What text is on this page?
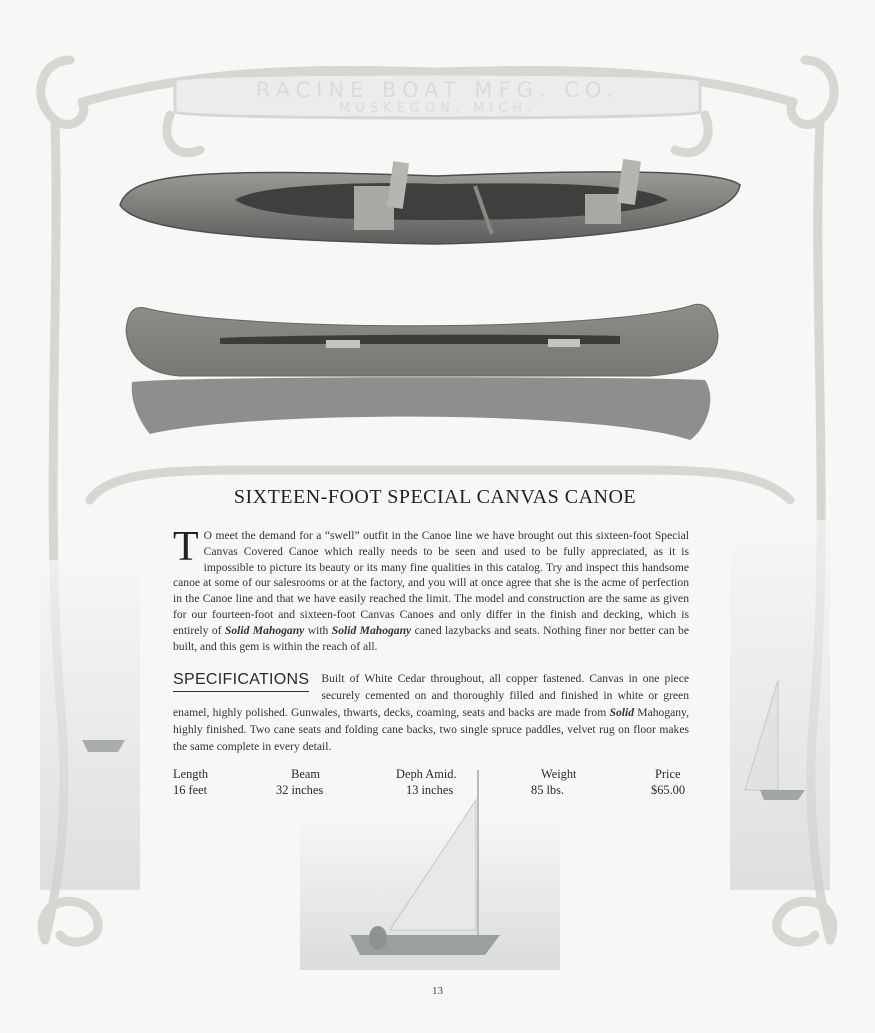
RACINE BOAT MFG. CO.
MUSKEGON, MICH.
SIXTEEN-FOOT SPECIAL CANVAS CANOE
T O meet the demand for a “swell” outfit in the Canoe line we have brought out this sixteen-foot Special Canvas Covered Canoe which really needs to be seen and used to be fully appreciated, as it is impossible to picture its beauty or its many fine qualities in this catalog. Try and inspect this handsome canoe at some of our salesrooms or at the factory, and you will at once agree that she is the acme of perfection in the Canoe line and that we have easily reached the limit. The model and construction are the same as given for our fourteen-foot and sixteen-foot Canvas Canoes and only differ in the finish and decking, which is entirely of Solid Mahogany with Solid Mahogany caned lazybacks and seats. Nothing finer nor better can be built, and this gem is within the reach of all.
SPECIFICATIONS Built of White Cedar throughout, all copper fastened. Canvas in one piece securely cemented on and thoroughly filled and finished in white or green enamel, highly polished. Gunwales, thwarts, decks, coaming, seats and backs are made from Solid Mahogany, highly finished. Two cane seats and folding cane backs, two single spruce paddles, velvet rug on floor makes the same complete in every detail.
Length
16 feet
Beam
32 inches
Deph Amid.
13 inches
Weight
85 lbs.
Price
$65.00
13
